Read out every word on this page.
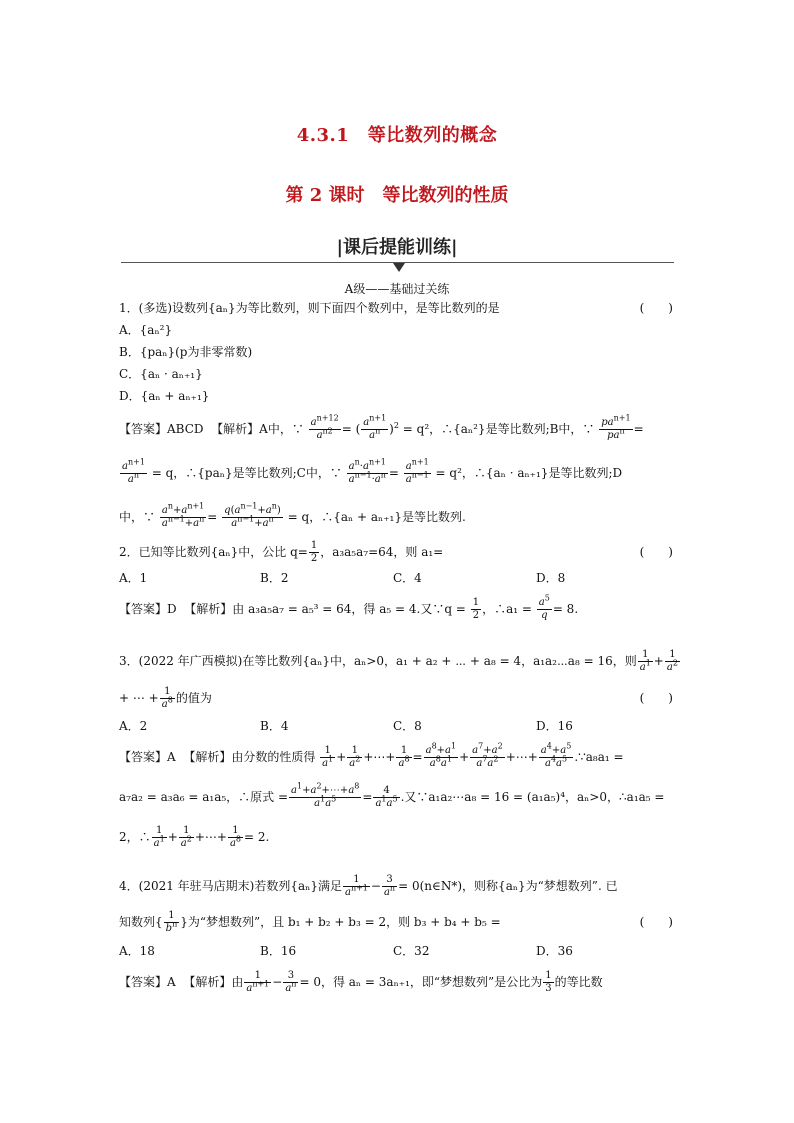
4.3.1　等比数列的概念
第 2 课时　等比数列的性质
|课后提能训练|
A级——基础过关练
1．(多选)设数列{aₙ}为等比数列，则下面四个数列中，是等比数列的是	(　　)
A．{aₙ²}
B．{paₙ}(p为非零常数)
C．{aₙ · aₙ₊₁}
D．{aₙ + aₙ₊₁}
【答案】ABCD 【解析】A中，∵ $\frac{a^{n+12}}{a^{n2}}$ = ( $\frac{a^{n+1}}{a^n} )^2 = q^2$，∴{aₙ²}是等比数列;B中，∵ $\frac{pa^{n+1}}{pa^n}$ =

$\frac{a^{n+1}}{a^n} = q$，∴{paₙ}是等比数列;C中，∵ $\frac{a^n\cdot a^{n+1}}{a^{n-1}\cdot a^n} = \frac{a^{n+1}}{a^{n-1}} = q^2$，∴{aₙ · aₙ₊₁}是等比数列;D
中，∵ $\frac{a^n+a^{n+1}}{a^{n-1}+a^n} = \frac{q(a^{n-1}+a^n)}{a^{n-1}+a^n} = q$，∴{aₙ + aₙ₊₁}是等比数列.
2．已知等比数列{aₙ}中，公比 $q= \frac{1}{2}$ ，a₃a₅a₇=64，则 a₁=	(　　)
A．1	B．2	C．4	D．8
【答案】D 【解析】由 a₃a₅a₇ = a₅³ = 64，得 a₅ = 4.又∵q = $\frac{1}{2}$ ，∴a₁ = $\frac{a^5}{q} = 8$.
3．(2022 年广西模拟)在等比数列{aₙ}中，aₙ>0，a₁ + a₂ + ⋯ + a₈ = 4，a₁a₂⋯a₈ = 16，则 $\frac{1}{a^1} + \frac{1}{a^2}$
+ ⋯ + $\frac{1}{a^8}$ 的值为	(　　)
A．2	B．4	C．8	D．16
【答案】A 【解析】由分数的性质得 $\frac{1}{a^1} + \frac{1}{a^2}$ +⋯+ $\frac{1}{a^8} = \frac{a^8+a^1}{a^8a^1} + \frac{a^7+a^2}{a^7a^2}$ +⋯+ $\frac{a^4+a^5}{a^4a^5}$ .∵a₈a₁ =
a₇a₂ = a₃a₆ = a₁a₅，∴原式 = $\frac{a^1+a^2+\cdots+a^8}{a^1a^5} = \frac{4}{a^1a^5}$ .又∵a₁a₂⋯a₈ = 16 = (a₁a₅)⁴，aₙ>0，∴a₁a₅ =
2，∴ $\frac{1}{a^1} + \frac{1}{a^2}$ +⋯+ $\frac{1}{a^8} = 2$.
4．(2021 年驻马店期末)若数列{aₙ}满足 $\frac{1}{a^{n+1}} - \frac{3}{a^n}$ = 0(n∈N*)，则称{aₙ}为“梦想数列”. 已
知数列{ $\frac{1}{b^n}$ }为“梦想数列”，且 b₁ + b₂ + b₃ = 2，则 b₃ + b₄ + b₅ =	(　　)
A．18	B．16	C．32	D．36
【答案】A 【解析】由 $\frac{1}{a^{n+1}} - \frac{3}{a^n} = 0$，得 aₙ = 3aₙ₊₁，即“梦想数列”是公比为 $\frac{1}{3}$ 的等比数
